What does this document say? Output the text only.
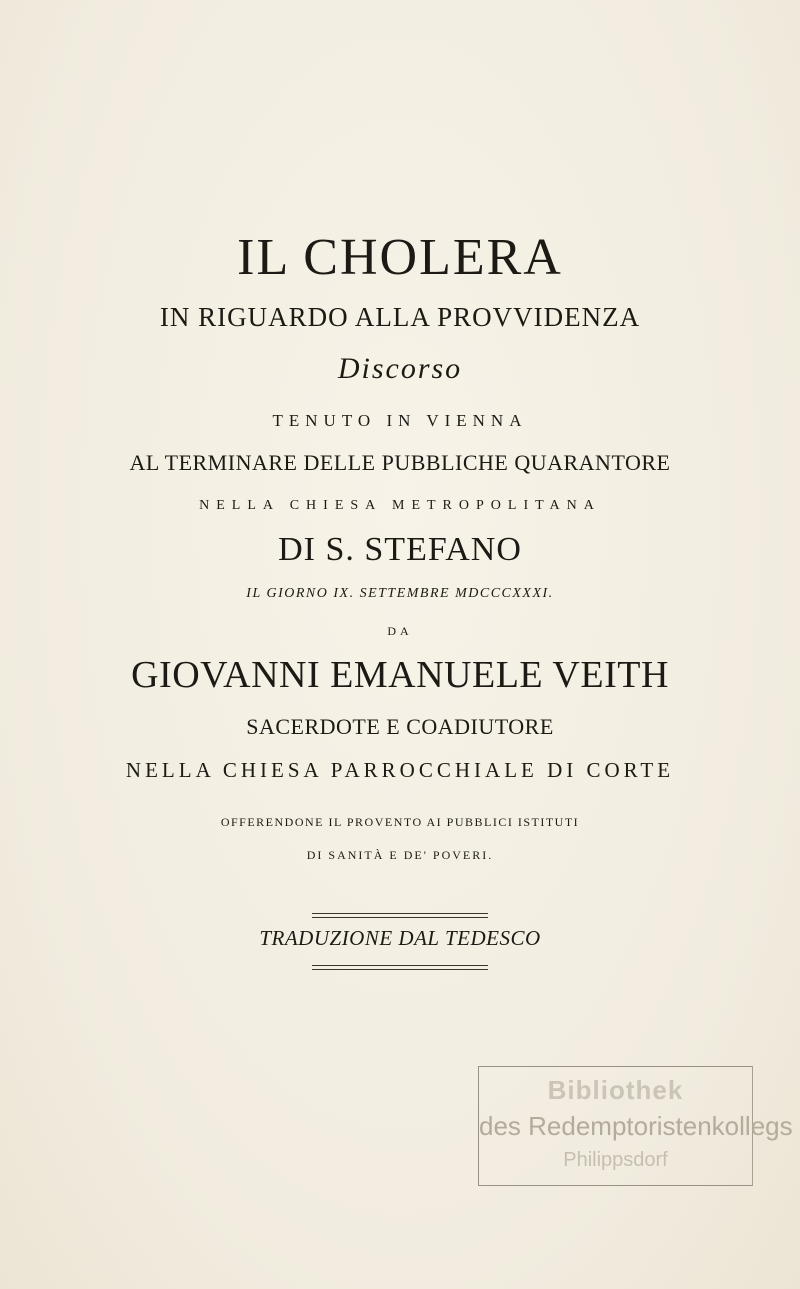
IL CHOLERA
IN RIGUARDO ALLA PROVVIDENZA
Discorso
TENUTO IN VIENNA
AL TERMINARE DELLE PUBBLICHE QUARANTORE
NELLA CHIESA METROPOLITANA
DI S. STEFANO
IL GIORNO IX. SETTEMBRE MDCCCXXXI.
DA
GIOVANNI EMANUELE VEITH
SACERDOTE E COADIUTORE
NELLA CHIESA PARROCCHIALE DI CORTE
OFFERENDONE IL PROVENTO AI PUBBLICI ISTITUTI
DI SANITÀ E DE' POVERI.
TRADUZIONE DAL TEDESCO
Bibliothek
des Redemptoristenkollegs
Philippsdorf
